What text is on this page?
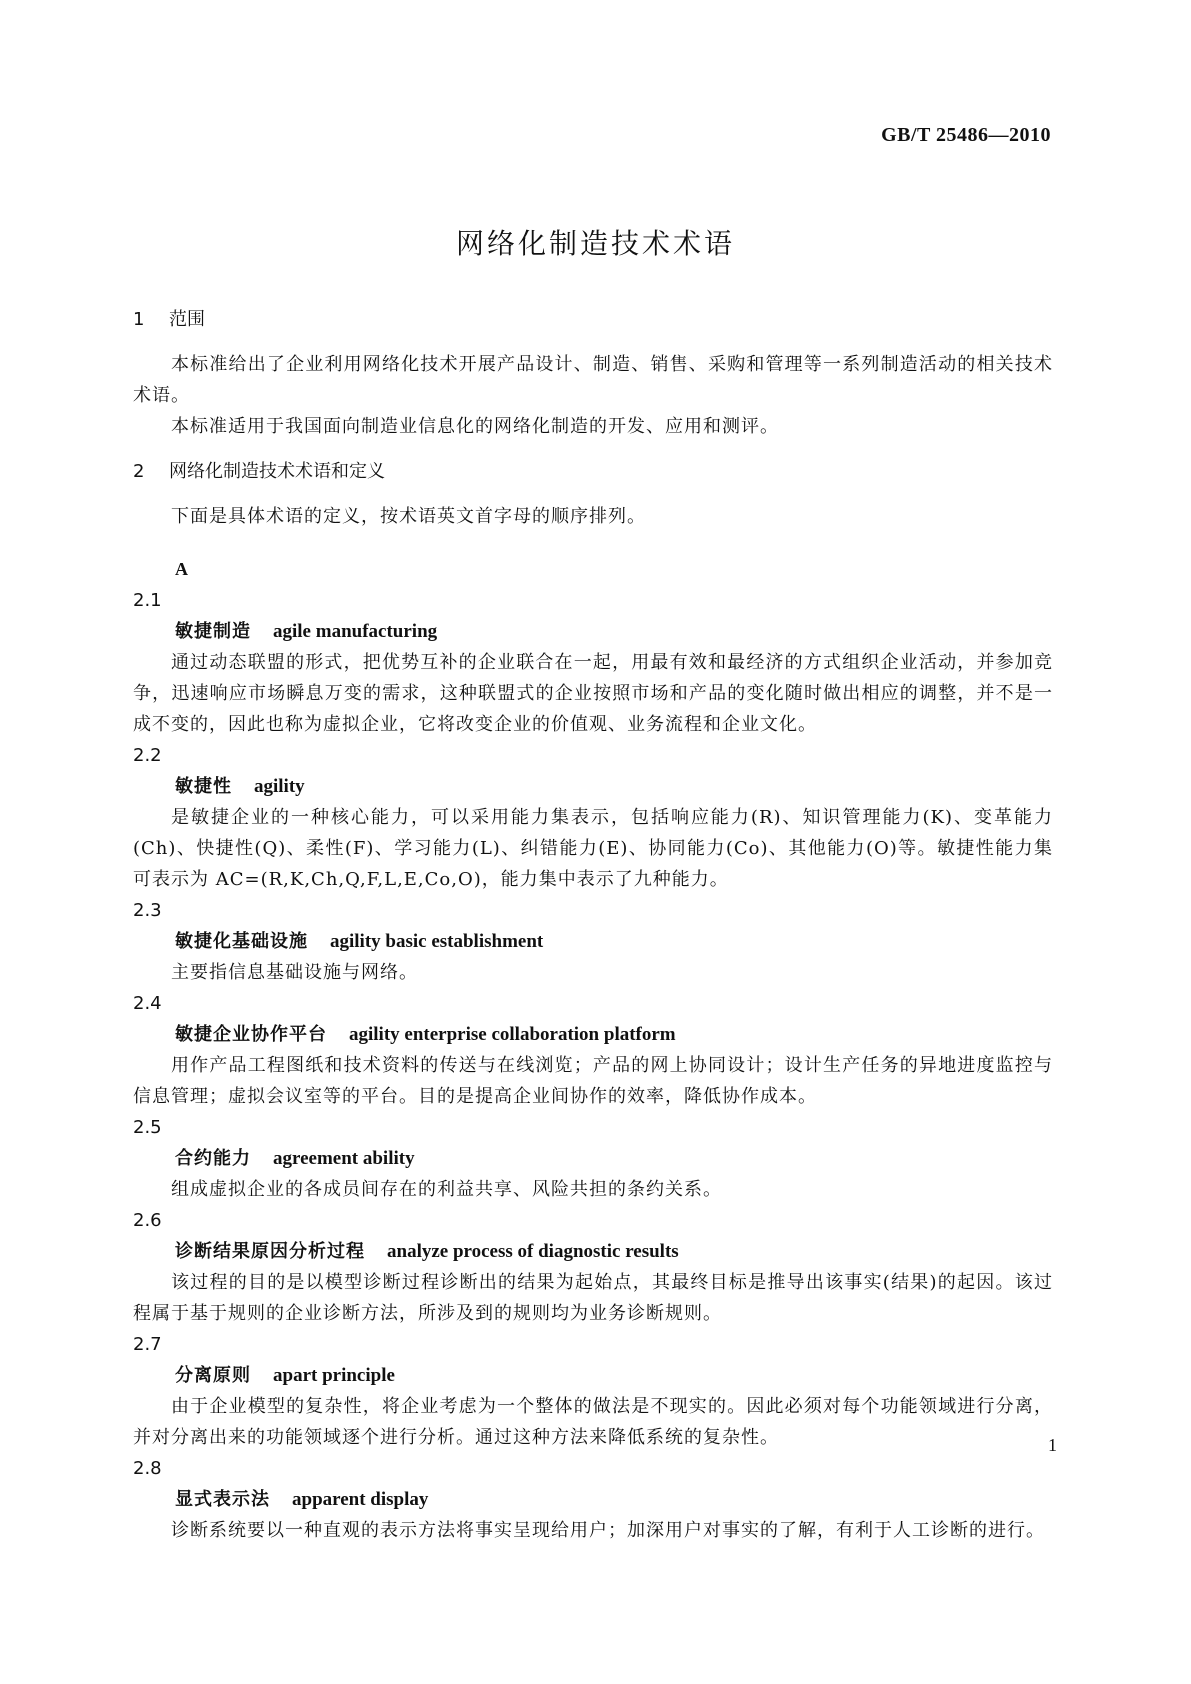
GB/T 25486—2010
网络化制造技术术语

1 范围

本标准给出了企业利用网络化技术开展产品设计、制造、销售、采购和管理等一系列制造活动的相关技术术语。

本标准适用于我国面向制造业信息化的网络化制造的开发、应用和测评。

2 网络化制造技术术语和定义

下面是具体术语的定义，按术语英文首字母的顺序排列。

A

2.1

敏捷制造 agile manufacturing

通过动态联盟的形式，把优势互补的企业联合在一起，用最有效和最经济的方式组织企业活动，并参加竞争，迅速响应市场瞬息万变的需求，这种联盟式的企业按照市场和产品的变化随时做出相应的调整，并不是一成不变的，因此也称为虚拟企业，它将改变企业的价值观、业务流程和企业文化。

2.2

敏捷性 agility

是敏捷企业的一种核心能力，可以采用能力集表示，包括响应能力(R)、知识管理能力(K)、变革能力(Ch)、快捷性(Q)、柔性(F)、学习能力(L)、纠错能力(E)、协同能力(Co)、其他能力(O)等。敏捷性能力集可表示为 AC=(R,K,Ch,Q,F,L,E,Co,O)，能力集中表示了九种能力。

2.3

敏捷化基础设施 agility basic establishment

主要指信息基础设施与网络。

2.4

敏捷企业协作平台 agility enterprise collaboration platform

用作产品工程图纸和技术资料的传送与在线浏览；产品的网上协同设计；设计生产任务的异地进度监控与信息管理；虚拟会议室等的平台。目的是提高企业间协作的效率，降低协作成本。

2.5

合约能力 agreement ability

组成虚拟企业的各成员间存在的利益共享、风险共担的条约关系。

2.6

诊断结果原因分析过程 analyze process of diagnostic results

该过程的目的是以模型诊断过程诊断出的结果为起始点，其最终目标是推导出该事实(结果)的起因。该过程属于基于规则的企业诊断方法，所涉及到的规则均为业务诊断规则。

2.7

分离原则 apart principle

由于企业模型的复杂性，将企业考虑为一个整体的做法是不现实的。因此必须对每个功能领域进行分离，并对分离出来的功能领域逐个进行分析。通过这种方法来降低系统的复杂性。

2.8

显式表示法 apparent display

诊断系统要以一种直观的表示方法将事实呈现给用户；加深用户对事实的了解，有利于人工诊断的进行。

1
